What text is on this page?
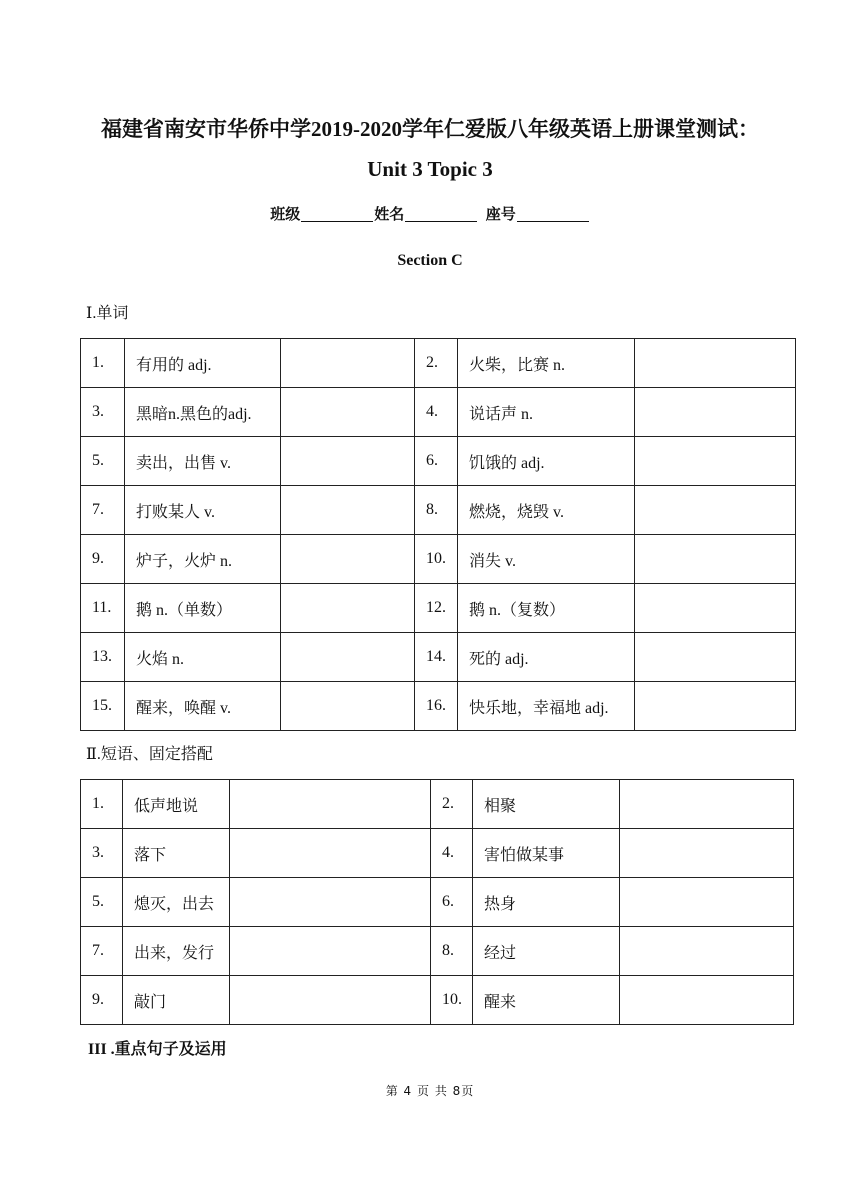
福建省南安市华侨中学2019-2020学年仁爱版八年级英语上册课堂测试：
Unit 3 Topic 3
班级	姓名	座号
Section C
Ⅰ.单词
1.	有用的 adj.		2.	火柴，比赛 n.	
3.	黑暗n.黑色的adj.		4.	说话声 n.	
5.	卖出，出售 v.		6.	饥饿的 adj.	
7.	打败某人 v.		8.	燃烧，烧毁 v.	
9.	炉子，火炉 n.		10.	消失 v.	
11.	鹅 n.（单数）		12.	鹅 n.（复数）	
13.	火焰 n.		14.	死的 adj.	
15.	醒来，唤醒 v.		16.	快乐地，幸福地 adj.	
Ⅱ.短语、固定搭配
1.	低声地说		2.	相聚	
3.	落下		4.	害怕做某事	
5.	熄灭，出去		6.	热身	
7.	出来，发行		8.	经过	
9.	敲门		10.	醒来	
III .重点句子及运用
第 4 页 共 8页
